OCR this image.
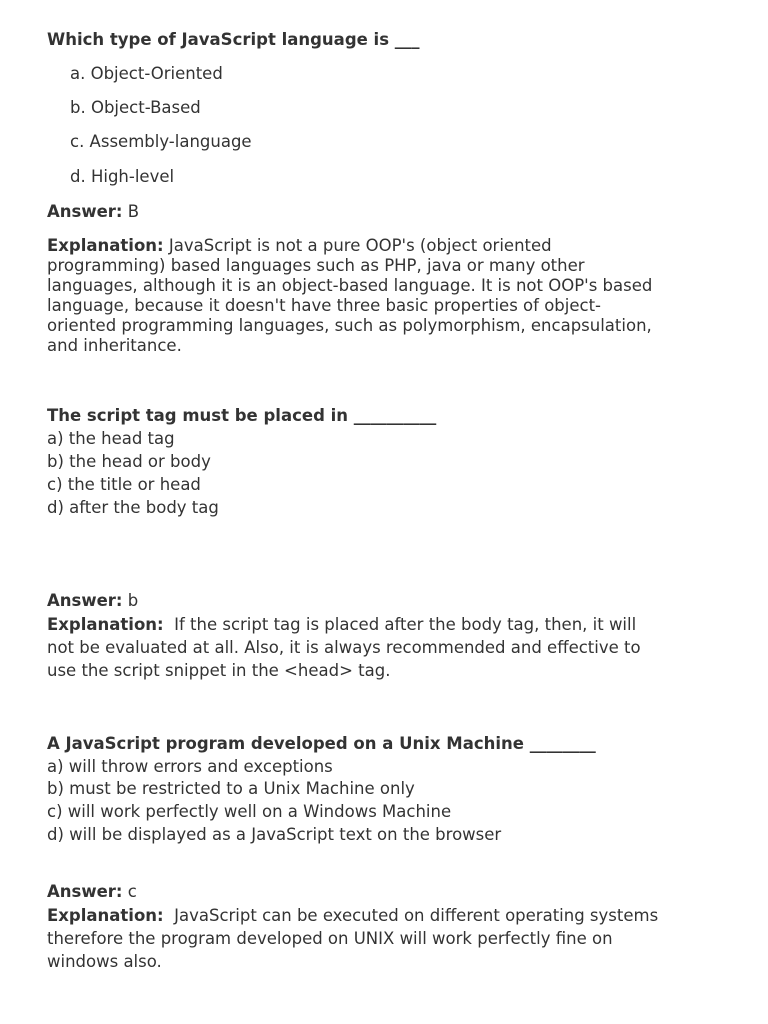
Which type of JavaScript language is ___
a. Object-Oriented
b. Object-Based
c. Assembly-language
d. High-level
Answer: B
Explanation: JavaScript is not a pure OOP's (object oriented
programming) based languages such as PHP, java or many other
languages, although it is an object-based language. It is not OOP's based
language, because it doesn't have three basic properties of object-
oriented programming languages, such as polymorphism, encapsulation,
and inheritance.
The script tag must be placed in __________
a) the head tag
b) the head or body
c) the title or head
d) after the body tag
Answer: b
Explanation:  If the script tag is placed after the body tag, then, it will
not be evaluated at all. Also, it is always recommended and effective to
use the script snippet in the <head> tag.
A JavaScript program developed on a Unix Machine ________
a) will throw errors and exceptions
b) must be restricted to a Unix Machine only
c) will work perfectly well on a Windows Machine
d) will be displayed as a JavaScript text on the browser
Answer: c
Explanation:  JavaScript can be executed on different operating systems
therefore the program developed on UNIX will work perfectly fine on
windows also.
